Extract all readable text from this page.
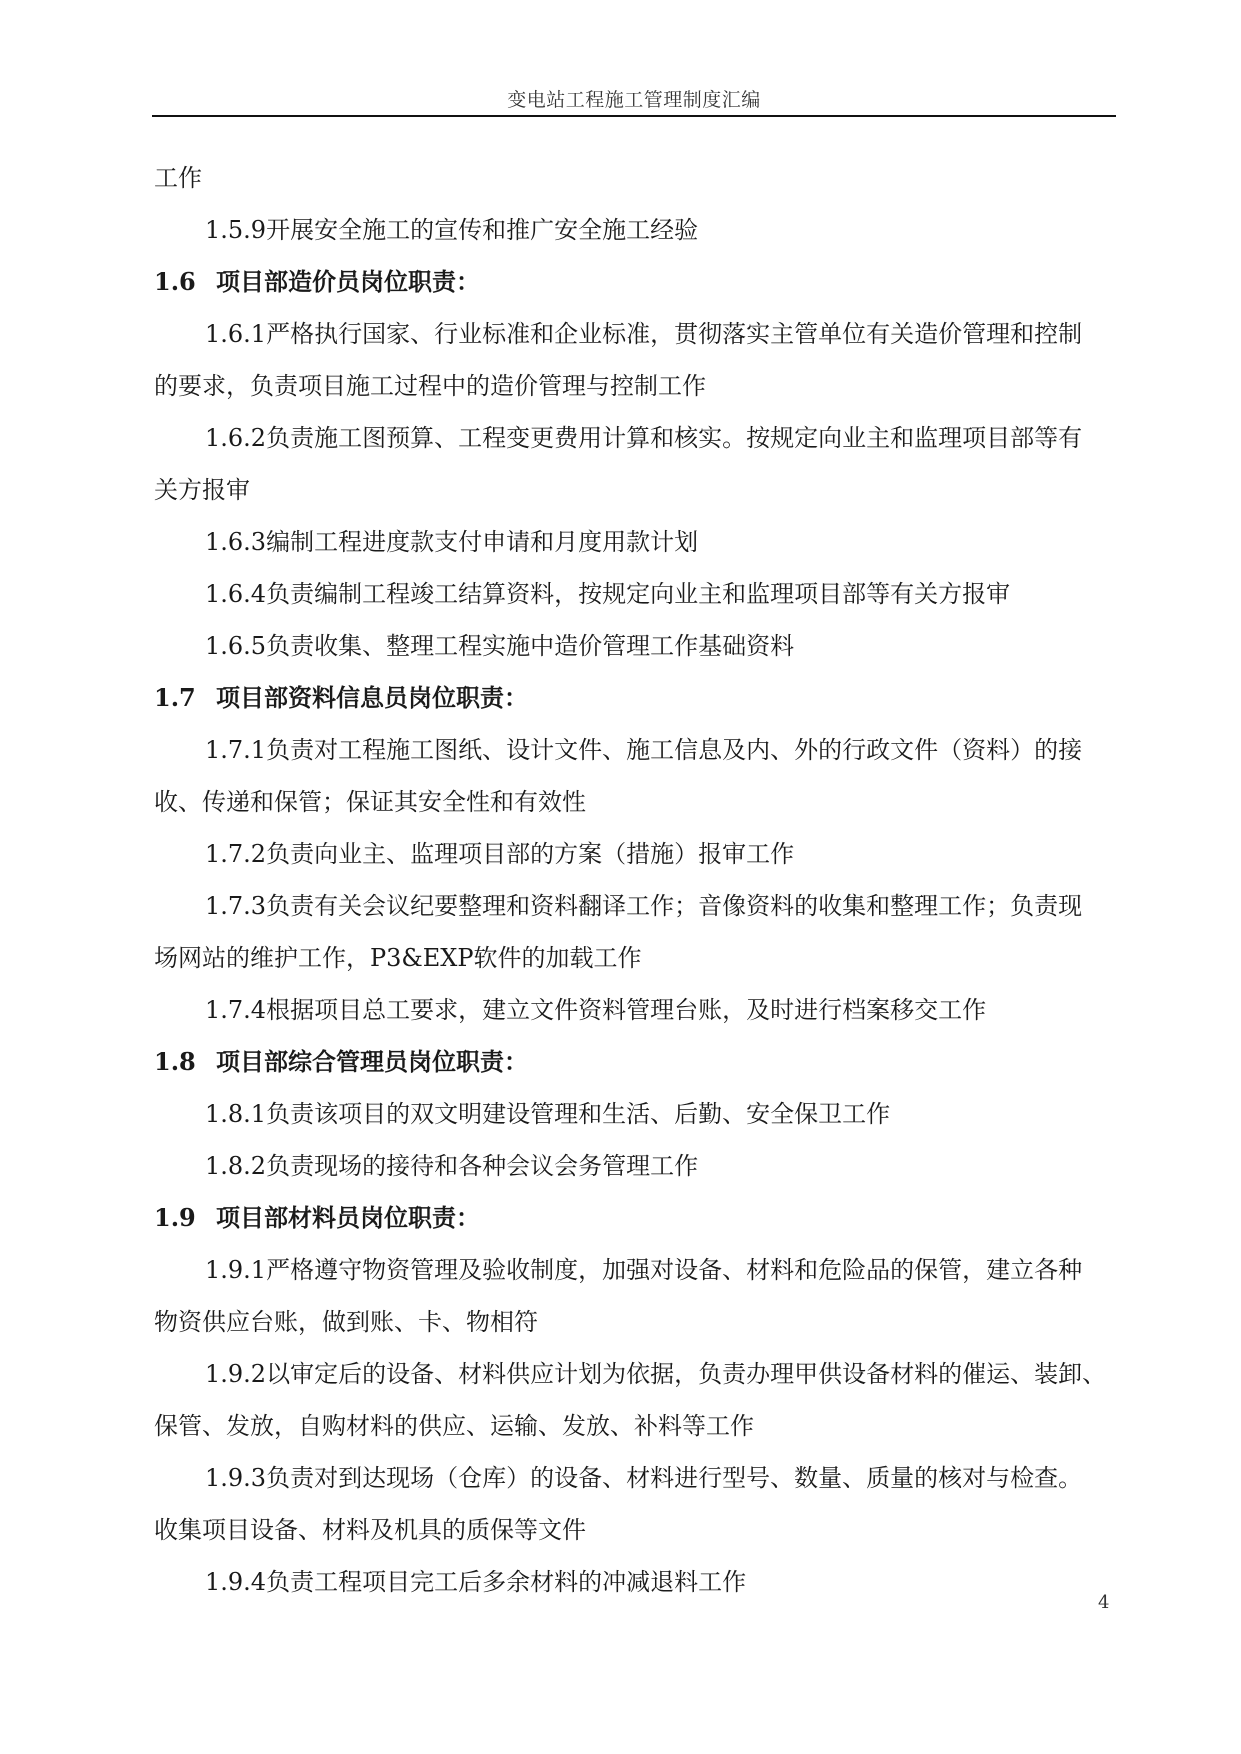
变电站工程施工管理制度汇编
工作
1.5.9开展安全施工的宣传和推广安全施工经验
1.6 项目部造价员岗位职责：
1.6.1严格执行国家、行业标准和企业标准，贯彻落实主管单位有关造价管理和控制
的要求，负责项目施工过程中的造价管理与控制工作
1.6.2负责施工图预算、工程变更费用计算和核实。按规定向业主和监理项目部等有
关方报审
1.6.3编制工程进度款支付申请和月度用款计划
1.6.4负责编制工程竣工结算资料，按规定向业主和监理项目部等有关方报审
1.6.5负责收集、整理工程实施中造价管理工作基础资料
1.7 项目部资料信息员岗位职责：
1.7.1负责对工程施工图纸、设计文件、施工信息及内、外的行政文件（资料）的接
收、传递和保管；保证其安全性和有效性
1.7.2负责向业主、监理项目部的方案（措施）报审工作
1.7.3负责有关会议纪要整理和资料翻译工作；音像资料的收集和整理工作；负责现
场网站的维护工作，P3&EXP软件的加载工作
1.7.4根据项目总工要求，建立文件资料管理台账，及时进行档案移交工作
1.8 项目部综合管理员岗位职责：
1.8.1负责该项目的双文明建设管理和生活、后勤、安全保卫工作
1.8.2负责现场的接待和各种会议会务管理工作
1.9 项目部材料员岗位职责：
1.9.1严格遵守物资管理及验收制度，加强对设备、材料和危险品的保管，建立各种
物资供应台账，做到账、卡、物相符
1.9.2以审定后的设备、材料供应计划为依据，负责办理甲供设备材料的催运、装卸、
保管、发放，自购材料的供应、运输、发放、补料等工作
1.9.3负责对到达现场（仓库）的设备、材料进行型号、数量、质量的核对与检查。
收集项目设备、材料及机具的质保等文件
1.9.4负责工程项目完工后多余材料的冲减退料工作
4
